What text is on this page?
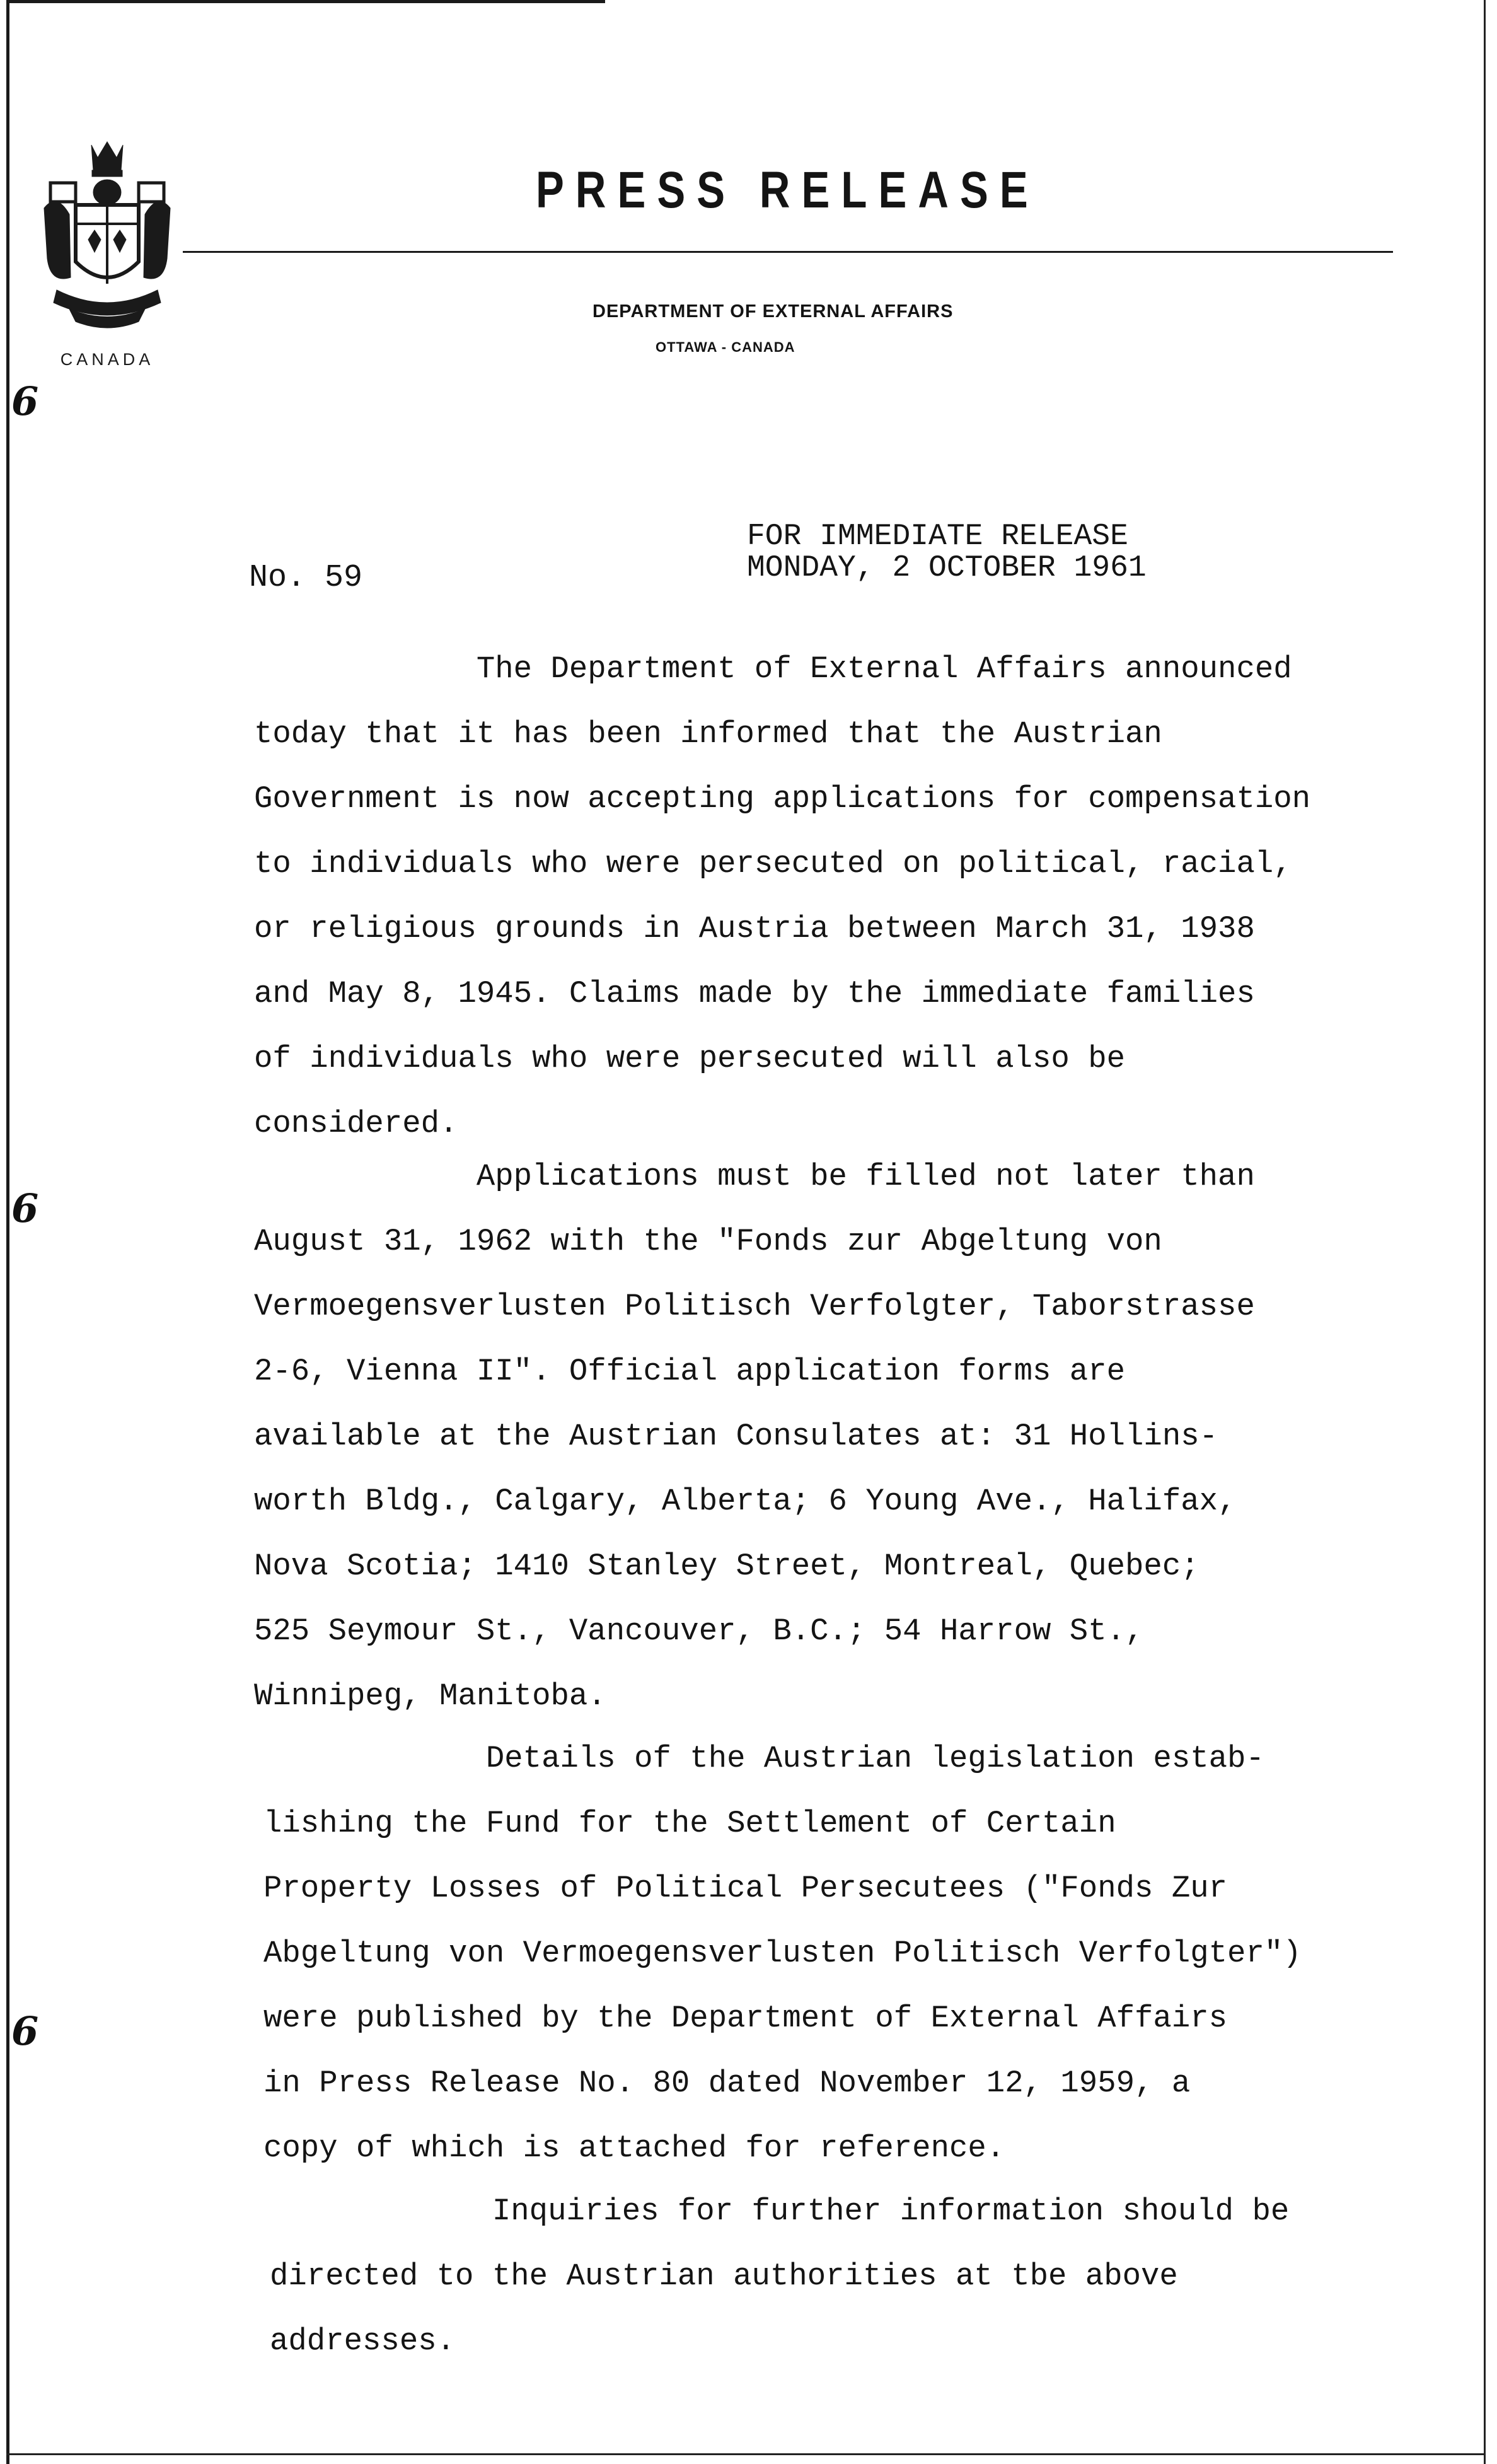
CANADA
PRESS RELEASE
DEPARTMENT OF EXTERNAL AFFAIRS
OTTAWA - CANADA
6
6
6
No. 59
FOR IMMEDIATE RELEASE
MONDAY, 2 OCTOBER 1961
The Department of External Affairs announced
today that it has been informed that the Austrian
Government is now accepting applications for compensation
to individuals who were persecuted on political, racial,
or religious grounds in Austria between March 31, 1938
and May 8, 1945. Claims made by the immediate families
of individuals who were persecuted will also be
considered.
Applications must be filled not later than
August 31, 1962 with the "Fonds zur Abgeltung von
Vermoegensverlusten Politisch Verfolgter, Taborstrasse
2-6, Vienna II". Official application forms are
available at the Austrian Consulates at: 31 Hollins-
worth Bldg., Calgary, Alberta; 6 Young Ave., Halifax,
Nova Scotia; 1410 Stanley Street, Montreal, Quebec;
525 Seymour St., Vancouver, B.C.; 54 Harrow St.,
Winnipeg, Manitoba.
Details of the Austrian legislation estab-
lishing the Fund for the Settlement of Certain
Property Losses of Political Persecutees ("Fonds Zur
Abgeltung von Vermoegensverlusten Politisch Verfolgter")
were published by the Department of External Affairs
in Press Release No. 80 dated November 12, 1959, a
copy of which is attached for reference.
Inquiries for further information should be
directed to the Austrian authorities at tbe above
addresses.
